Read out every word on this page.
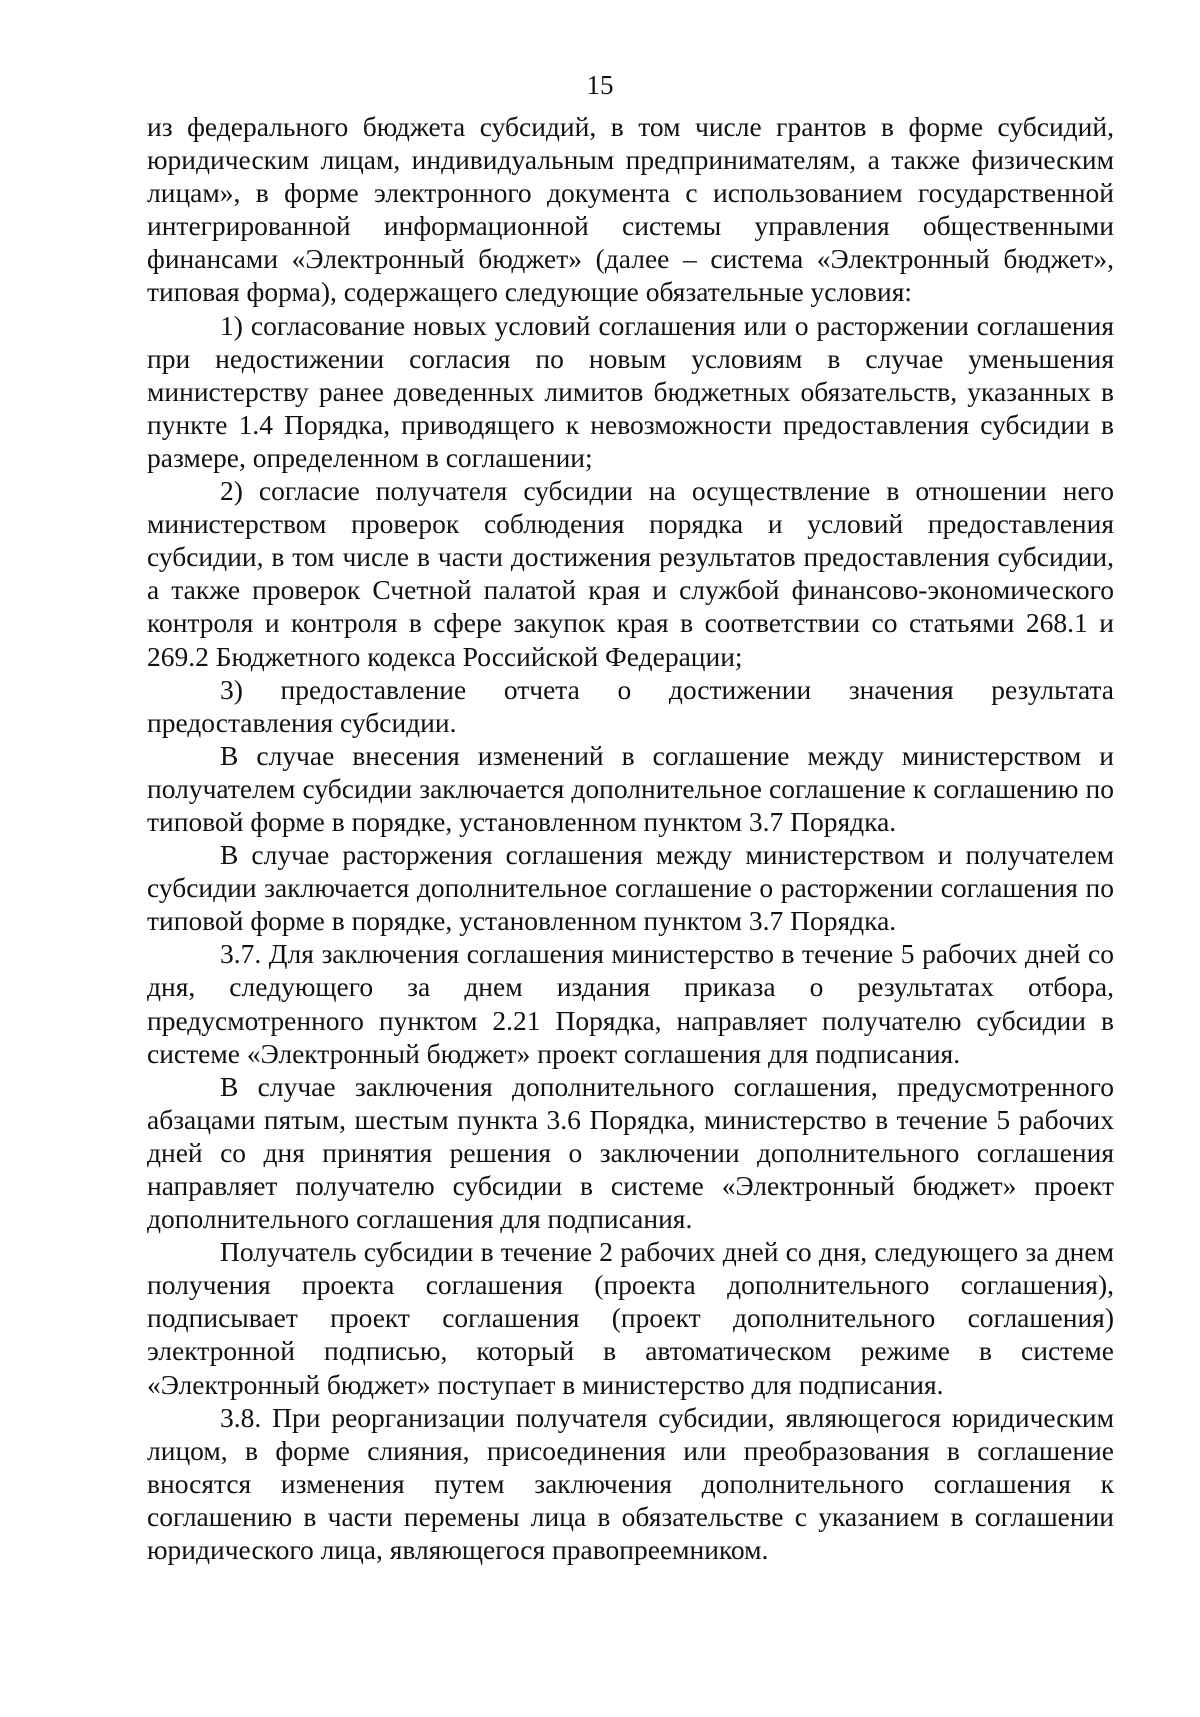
15

из федерального бюджета субсидий, в том числе грантов в форме субсидий, юридическим лицам, индивидуальным предпринимателям, а также физическим лицам», в форме электронного документа с использованием государственной интегрированной информационной системы управления общественными финансами «Электронный бюджет» (далее – система «Электронный бюджет», типовая форма), содержащего следующие обязательные условия:

1) согласование новых условий соглашения или о расторжении соглашения при недостижении согласия по новым условиям в случае уменьшения министерству ранее доведенных лимитов бюджетных обязательств, указанных в пункте 1.4 Порядка, приводящего к невозможности предоставления субсидии в размере, определенном в соглашении;

2) согласие получателя субсидии на осуществление в отношении него министерством проверок соблюдения порядка и условий предоставления субсидии, в том числе в части достижения результатов предоставления субсидии, а также проверок Счетной палатой края и службой финансово-экономического контроля и контроля в сфере закупок края в соответствии со статьями 268.1 и 269.2 Бюджетного кодекса Российской Федерации;

3) предоставление отчета о достижении значения результата предоставления субсидии.

В случае внесения изменений в соглашение между министерством и получателем субсидии заключается дополнительное соглашение к соглашению по типовой форме в порядке, установленном пунктом 3.7 Порядка.

В случае расторжения соглашения между министерством и получателем субсидии заключается дополнительное соглашение о расторжении соглашения по типовой форме в порядке, установленном пунктом 3.7 Порядка.

3.7. Для заключения соглашения министерство в течение 5 рабочих дней со дня, следующего за днем издания приказа о результатах отбора, предусмотренного пунктом 2.21 Порядка, направляет получателю субсидии в системе «Электронный бюджет» проект соглашения для подписания.

В случае заключения дополнительного соглашения, предусмотренного абзацами пятым, шестым пункта 3.6 Порядка, министерство в течение 5 рабочих дней со дня принятия решения о заключении дополнительного соглашения направляет получателю субсидии в системе «Электронный бюджет» проект дополнительного соглашения для подписания.

Получатель субсидии в течение 2 рабочих дней со дня, следующего за днем получения проекта соглашения (проекта дополнительного соглашения), подписывает проект соглашения (проект дополнительного соглашения) электронной подписью, который в автоматическом режиме в системе «Электронный бюджет» поступает в министерство для подписания.

3.8. При реорганизации получателя субсидии, являющегося юридическим лицом, в форме слияния, присоединения или преобразования в соглашение вносятся изменения путем заключения дополнительного соглашения к соглашению в части перемены лица в обязательстве с указанием в соглашении юридического лица, являющегося правопреемником.
